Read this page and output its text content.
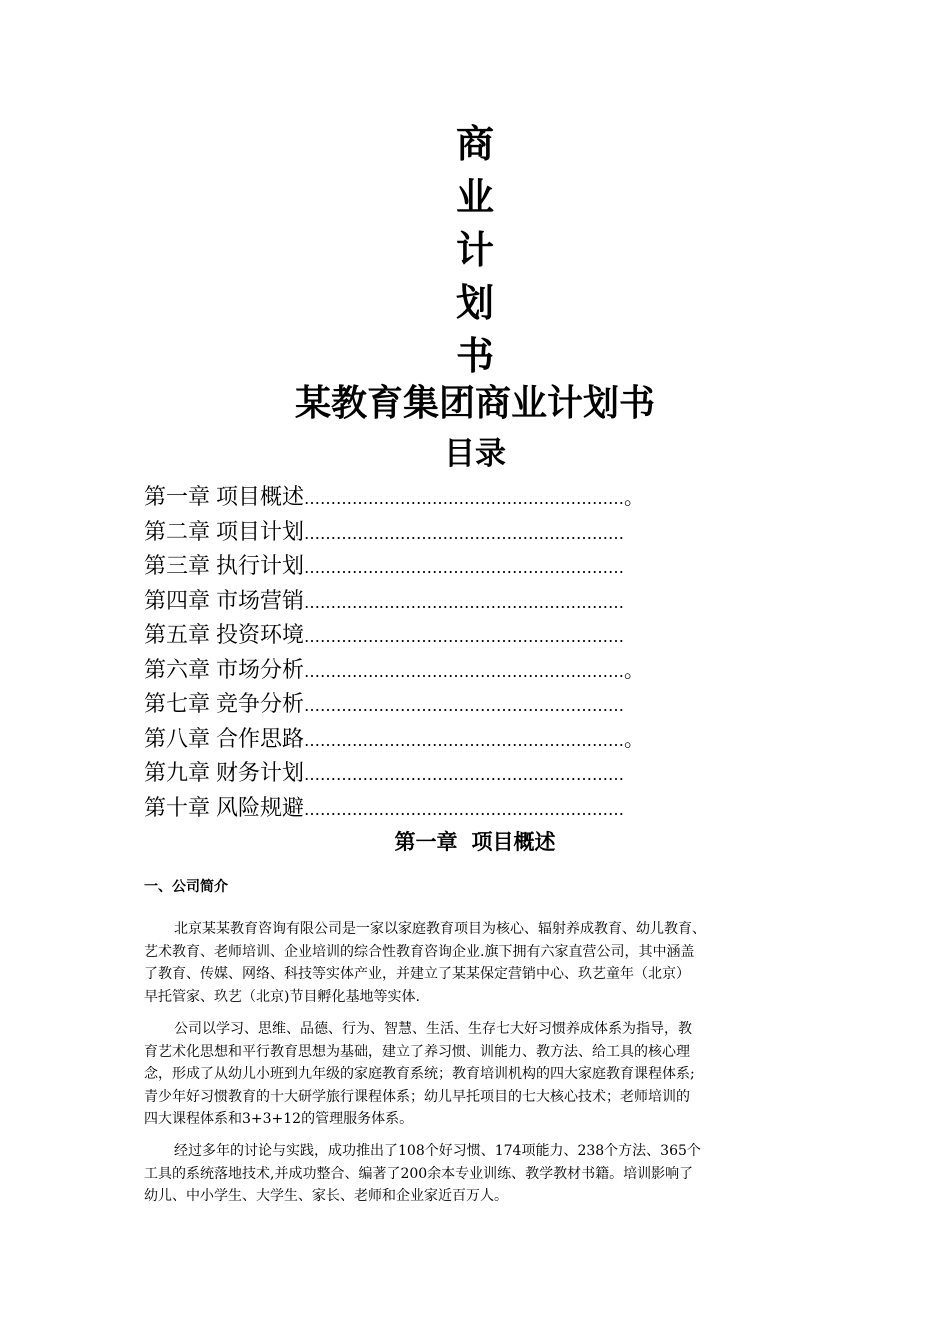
商
业
计
划
书
某教育集团商业计划书
目录
第一章 项目概述……………………………………………………。
第二章 项目计划……………………………………………………
第三章 执行计划……………………………………………………
第四章 市场营销……………………………………………………
第五章 投资环境……………………………………………………
第六章 市场分析……………………………………………………。
第七章 竞争分析……………………………………………………
第八章 合作思路……………………………………………………。
第九章 财务计划……………………………………………………
第十章 风险规避……………………………………………………
第一章 项目概述
一、公司简介

北京某某教育咨询有限公司是一家以家庭教育项目为核心、辐射养成教育、幼儿教育、
艺术教育、老师培训、企业培训的综合性教育咨询企业.旗下拥有六家直营公司，其中涵盖
了教育、传媒、网络、科技等实体产业，并建立了某某保定营销中心、玖艺童年（北京）
早托管家、玖艺（北京)节目孵化基地等实体.

公司以学习、思维、品德、行为、智慧、生活、生存七大好习惯养成体系为指导，教
育艺术化思想和平行教育思想为基础，建立了养习惯、训能力、教方法、给工具的核心理
念，形成了从幼儿小班到九年级的家庭教育系统；教育培训机构的四大家庭教育课程体系;
青少年好习惯教育的十大研学旅行课程体系；幼儿早托项目的七大核心技术；老师培训的
四大课程体系和3+3+12的管理服务体系。

经过多年的讨论与实践，成功推出了108个好习惯、174项能力、238个方法、365个
工具的系统落地技术,并成功整合、编著了200余本专业训练、教学教材书籍。培训影响了
幼儿、中小学生、大学生、家长、老师和企业家近百万人。
